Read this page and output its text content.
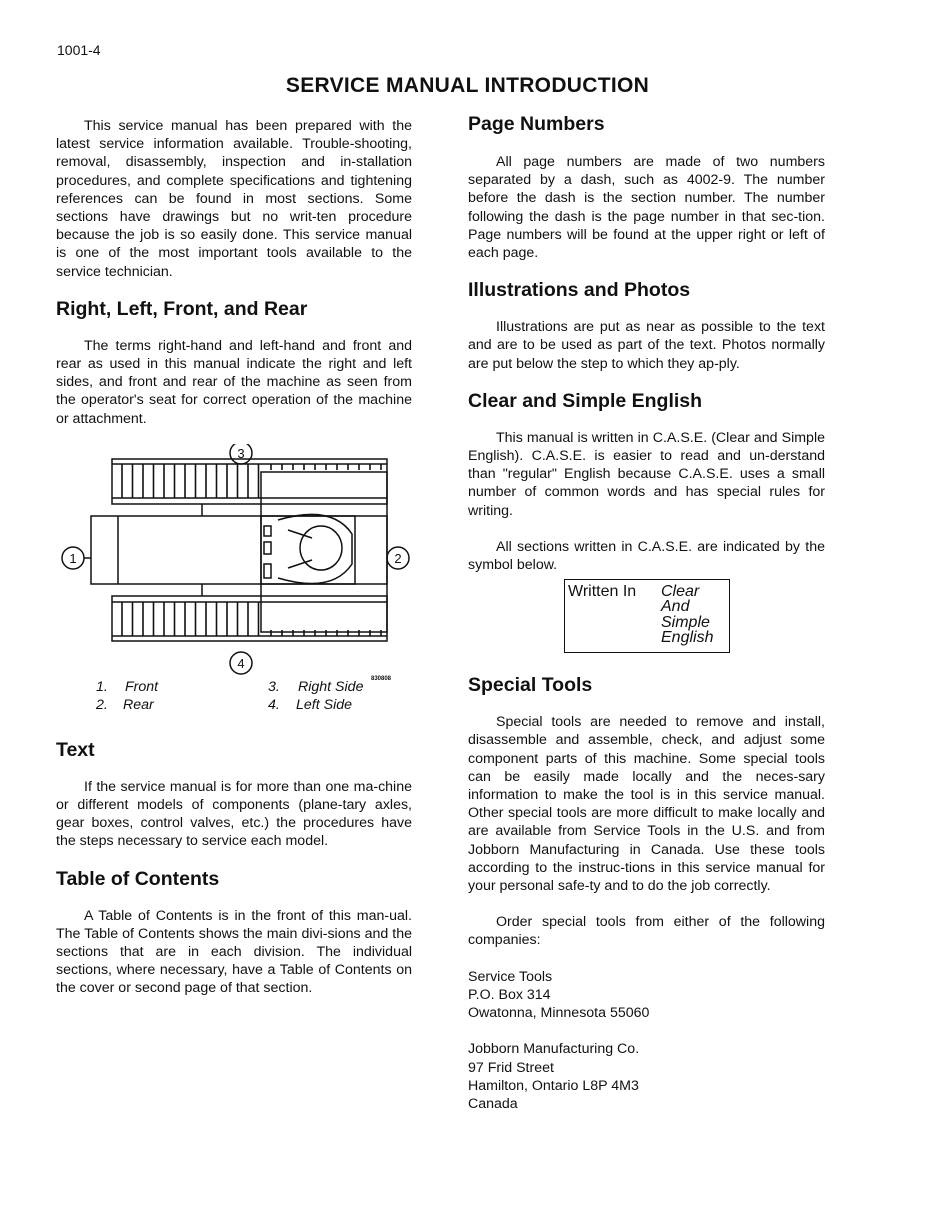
1001-4
SERVICE MANUAL INTRODUCTION

This service manual has been prepared with the latest service information available. Trouble-shooting, removal, disassembly, inspection and in-stallation procedures, and complete specifications and tightening references can be found in most sections. Some sections have drawings but no writ-ten procedure because the job is so easily done. This service manual is one of the most important tools available to the service technician.

Right, Left, Front, and Rear

The terms right-hand and left-hand and front and rear as used in this manual indicate the right and left sides, and front and rear of the machine as seen from the operator's seat for correct operation of the machine or attachment.

3
1	2
4
830808
1. Front
2. Rear
3. Right Side
4. Left Side
Text

If the service manual is for more than one ma-chine or different models of components (plane-tary axles, gear boxes, control valves, etc.) the procedures have the steps necessary to service each model.

Table of Contents

A Table of Contents is in the front of this man-ual. The Table of Contents shows the main divi-sions and the sections that are in each division. The individual sections, where necessary, have a Table of Contents on the cover or second page of that section.

Page Numbers

All page numbers are made of two numbers separated by a dash, such as 4002-9. The number before the dash is the section number. The number following the dash is the page number in that sec-tion. Page numbers will be found at the upper right or left of each page.

Illustrations and Photos

Illustrations are put as near as possible to the text and are to be used as part of the text. Photos normally are put below the step to which they ap-ply.

Clear and Simple English

This manual is written in C.A.S.E. (Clear and Simple English). C.A.S.E. is easier to read and un-derstand than "regular" English because C.A.S.E. uses a small number of common words and has special rules for writing.

All sections written in C.A.S.E. are indicated by the symbol below.

Written In Clear
And
Simple
English
Special Tools

Special tools are needed to remove and install, disassemble and assemble, check, and adjust some component parts of this machine. Some special tools can be easily made locally and the neces-sary information to make the tool is in this service manual. Other special tools are more difficult to make locally and are available from Service Tools in the U.S. and from Jobborn Manufacturing in Canada. Use these tools according to the instruc-tions in this service manual for your personal safe-ty and to do the job correctly.

Order special tools from either of the following companies:

Service Tools
P.O. Box 314
Owatonna, Minnesota 55060
Jobborn Manufacturing Co.
97 Frid Street
Hamilton, Ontario L8P 4M3
Canada
